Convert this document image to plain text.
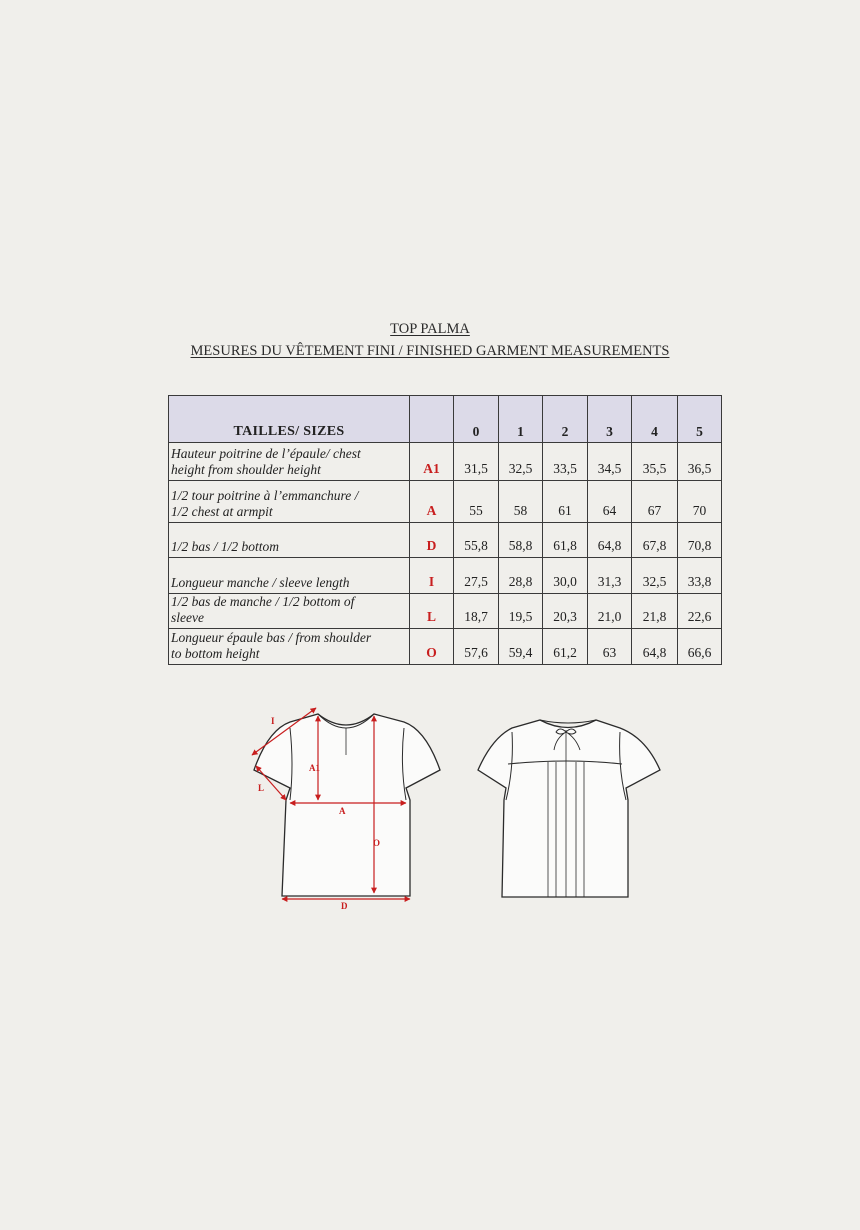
TOP PALMA
MESURES DU VÊTEMENT FINI / FINISHED GARMENT MEASUREMENTS
TAILLES/ SIZES		0	1	2	3	4	5
Hauteur poitrine de l’épaule/ chest
height from shoulder height	A1	31,5	32,5	33,5	34,5	35,5	36,5
1/2 tour poitrine à l’emmanchure /
1/2 chest at armpit	A	55	58	61	64	67	70
1/2 bas / 1/2 bottom	D	55,8	58,8	61,8	64,8	67,8	70,8
Longueur manche / sleeve length	I	27,5	28,8	30,0	31,3	32,5	33,8
1/2 bas de manche / 1/2 bottom of
sleeve	L	18,7	19,5	20,3	21,0	21,8	22,6
Longueur épaule bas / from shoulder
to bottom height	O	57,6	59,4	61,2	63	64,8	66,6
I
A1
L
A
O
D
